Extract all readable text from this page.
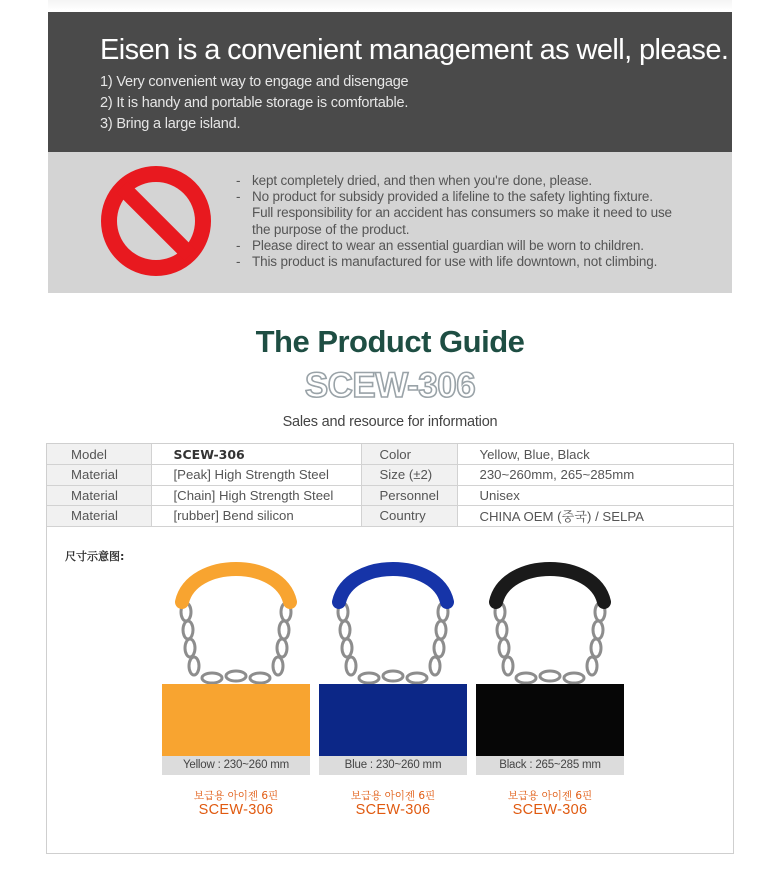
Eisen is a convenient management as well, please.
1) Very convenient way to engage and disengage
2) It is handy and portable storage is comfortable.
3) Bring a large island.
- kept completely dried, and then when you're done, please.
- No product for subsidy provided a lifeline to the safety lighting fixture.
Full responsibility for an accident has consumers so make it need to use
the purpose of the product.
- Please direct to wear an essential guardian will be worn to children.
- This product is manufactured for use with life downtown, not climbing.
The Product Guide
SCEW-306
Sales and resource for information
Model	SCEW-306	Color	Yellow, Blue, Black
Material	[Peak] High Strength Steel	Size (±2)	230~260mm, 265~285mm
Material	[Chain] High Strength Steel	Personnel	Unisex
Material	[rubber] Bend silicon	Country	CHINA OEM (중국) / SELPA
尺寸示意图:
Yellow : 230~260 mm
보급용 아이젠 6핀
SCEW-306
Blue : 230~260 mm
보급용 아이젠 6핀
SCEW-306
Black : 265~285 mm
보급용 아이젠 6핀
SCEW-306
